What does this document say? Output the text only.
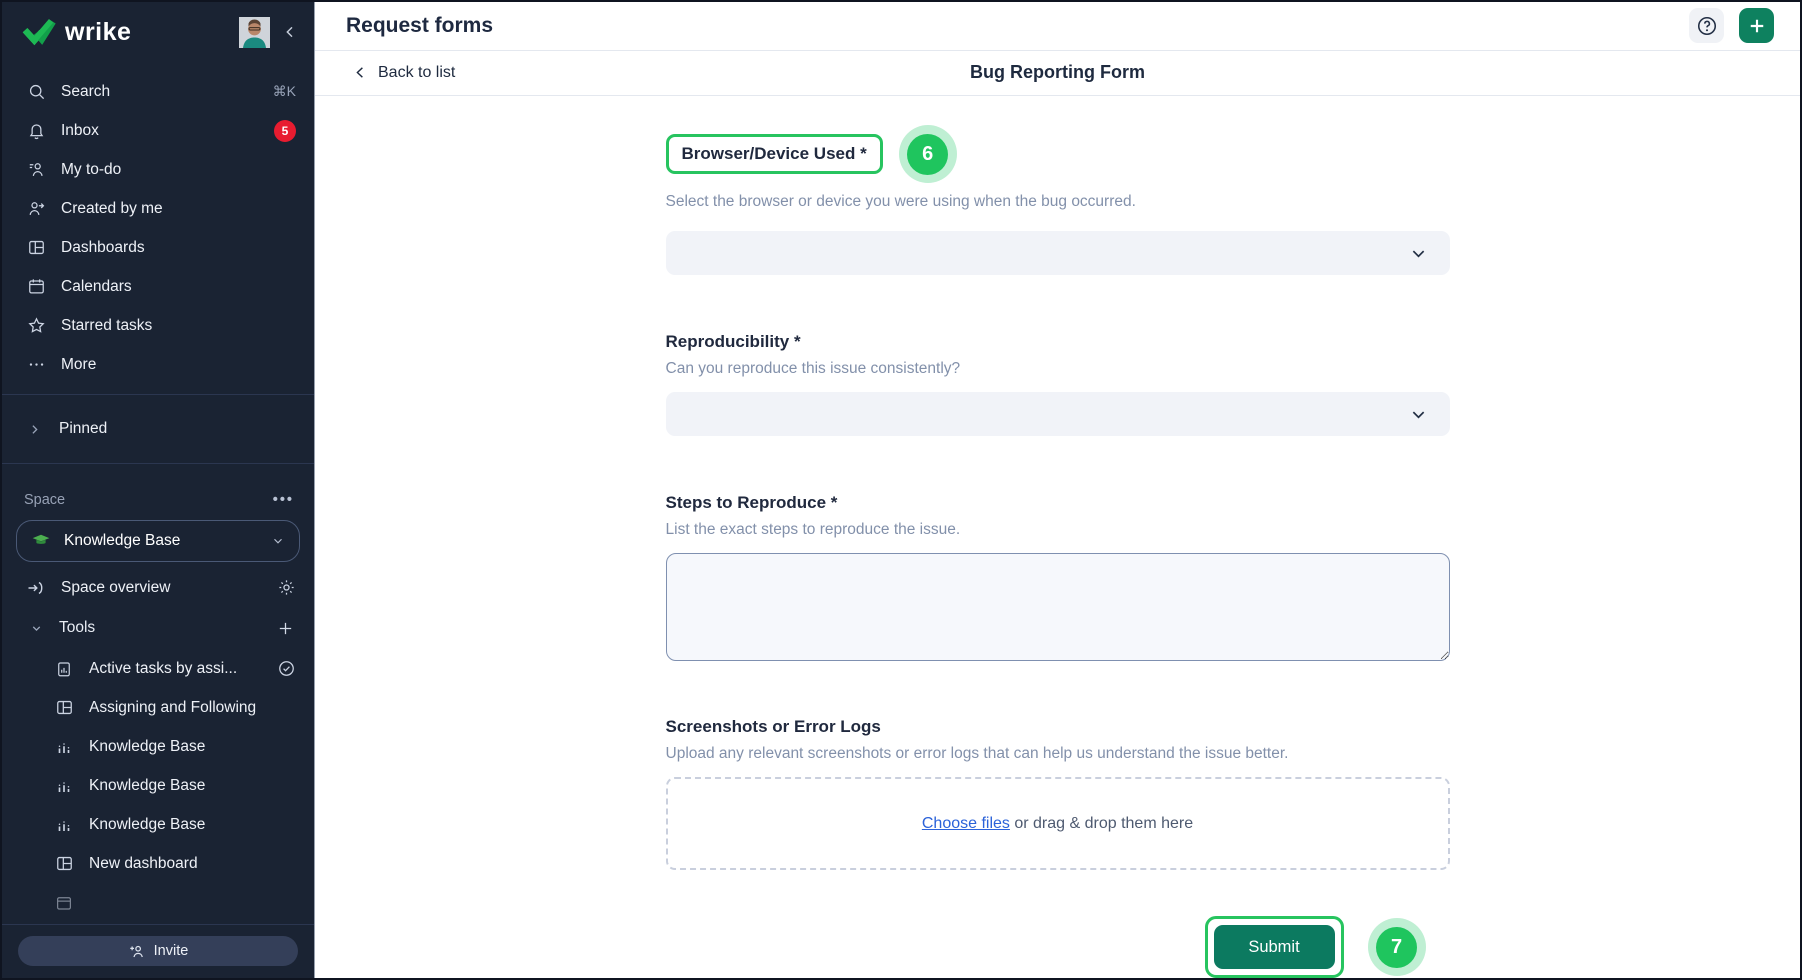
wrike
Search	⌘K
Inbox	5
My to-do
Created by me
Dashboards
Calendars
Starred tasks
More
Pinned
Space	•••
Knowledge Base
Space overview
Tools
Active tasks by assi...
Assigning and Following
Knowledge Base
Knowledge Base
Knowledge Base
New dashboard
Invite
Request forms
Back to list	Bug Reporting Form
Browser/Device Used *	6
Select the browser or device you were using when the bug occurred.
Reproducibility *
Can you reproduce this issue consistently?
Steps to Reproduce *
List the exact steps to reproduce the issue.
Screenshots or Error Logs
Upload any relevant screenshots or error logs that can help us understand the issue better.
Choose files or drag & drop them here
Submit	7
